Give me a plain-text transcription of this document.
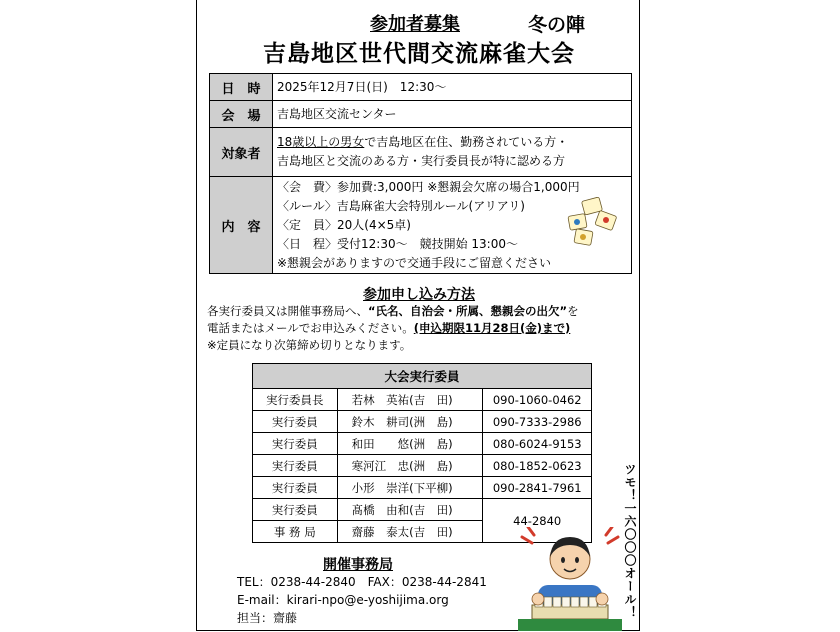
参加者募集	冬の陣
吉島地区世代間交流麻雀大会
日　時	2025年12月7日(日)　12:30～
会　場	吉島地区交流センター
対象者	18歳以上の男女で吉島地区在住、勤務されている方・
吉島地区と交流のある方・実行委員長が特に認める方
内　容	〈会　費〉参加費:3,000円 ※懇親会欠席の場合1,000円
〈ルール〉吉島麻雀大会特別ルール(アリアリ)
〈定　員〉20人(4×5卓)
〈日　程〉受付12:30～　競技開始 13:00～
※懇親会がありますので交通手段にご留意ください
参加申し込み方法
各実行委員又は開催事務局へ、“氏名、自治会・所属、懇親会の出欠”を
電話またはメールでお申込みください。(申込期限11月28日(金)まで)
※定員になり次第締め切りとなります。
大会実行委員		
実行委員長	若林　英祐(吉　田)	090-1060-0462
実行委員	鈴木　耕司(洲　島)	090-7333-2986
実行委員	和田　　悠(洲　島)	080-6024-9153
実行委員	寒河江　忠(洲　島)	080-1852-0623
実行委員	小形　崇洋(下平柳)	090-2841-7961
実行委員	髙橋　由和(吉　田)	44-2840
事 務 局	齋藤　泰太(吉　田)	
開催事務局
TEL：0238-44-2840　FAX：0238-44-2841
E-mail：kirari-npo@e-yoshijima.org
担当：齋藤	ツモ！一六〇〇〇オール！
